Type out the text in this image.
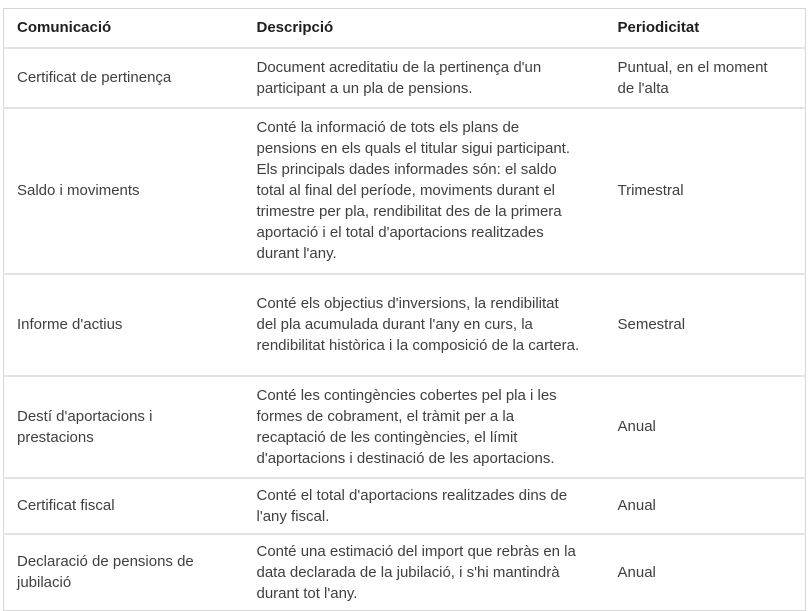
Comunicació	Descripció	Periodicitat
Certificat de pertinença	Document acreditatiu de la pertinença d'un participant a un pla de pensions.	Puntual, en el moment de l'alta
Saldo i moviments	Conté la informació de tots els plans de pensions en els quals el titular sigui participant. Els principals dades informades són: el saldo total al final del període, moviments durant el trimestre per pla, rendibilitat des de la primera aportació i el total d'aportacions realitzades durant l'any.	Trimestral
Informe d'actius	Conté els objectius d'inversions, la rendibilitat del pla acumulada durant l'any en curs, la rendibilitat històrica i la composició de la cartera.	Semestral
Destí d'aportacions i prestacions	Conté les contingències cobertes pel pla i les formes de cobrament, el tràmit per a la recaptació de les contingències, el límit d'aportacions i destinació de les aportacions.	Anual
Certificat fiscal	Conté el total d'aportacions realitzades dins de l'any fiscal.	Anual
Declaració de pensions de jubilació	Conté una estimació del import que rebràs en la data declarada de la jubilació, i s'hi mantindrà durant tot l'any.	Anual
